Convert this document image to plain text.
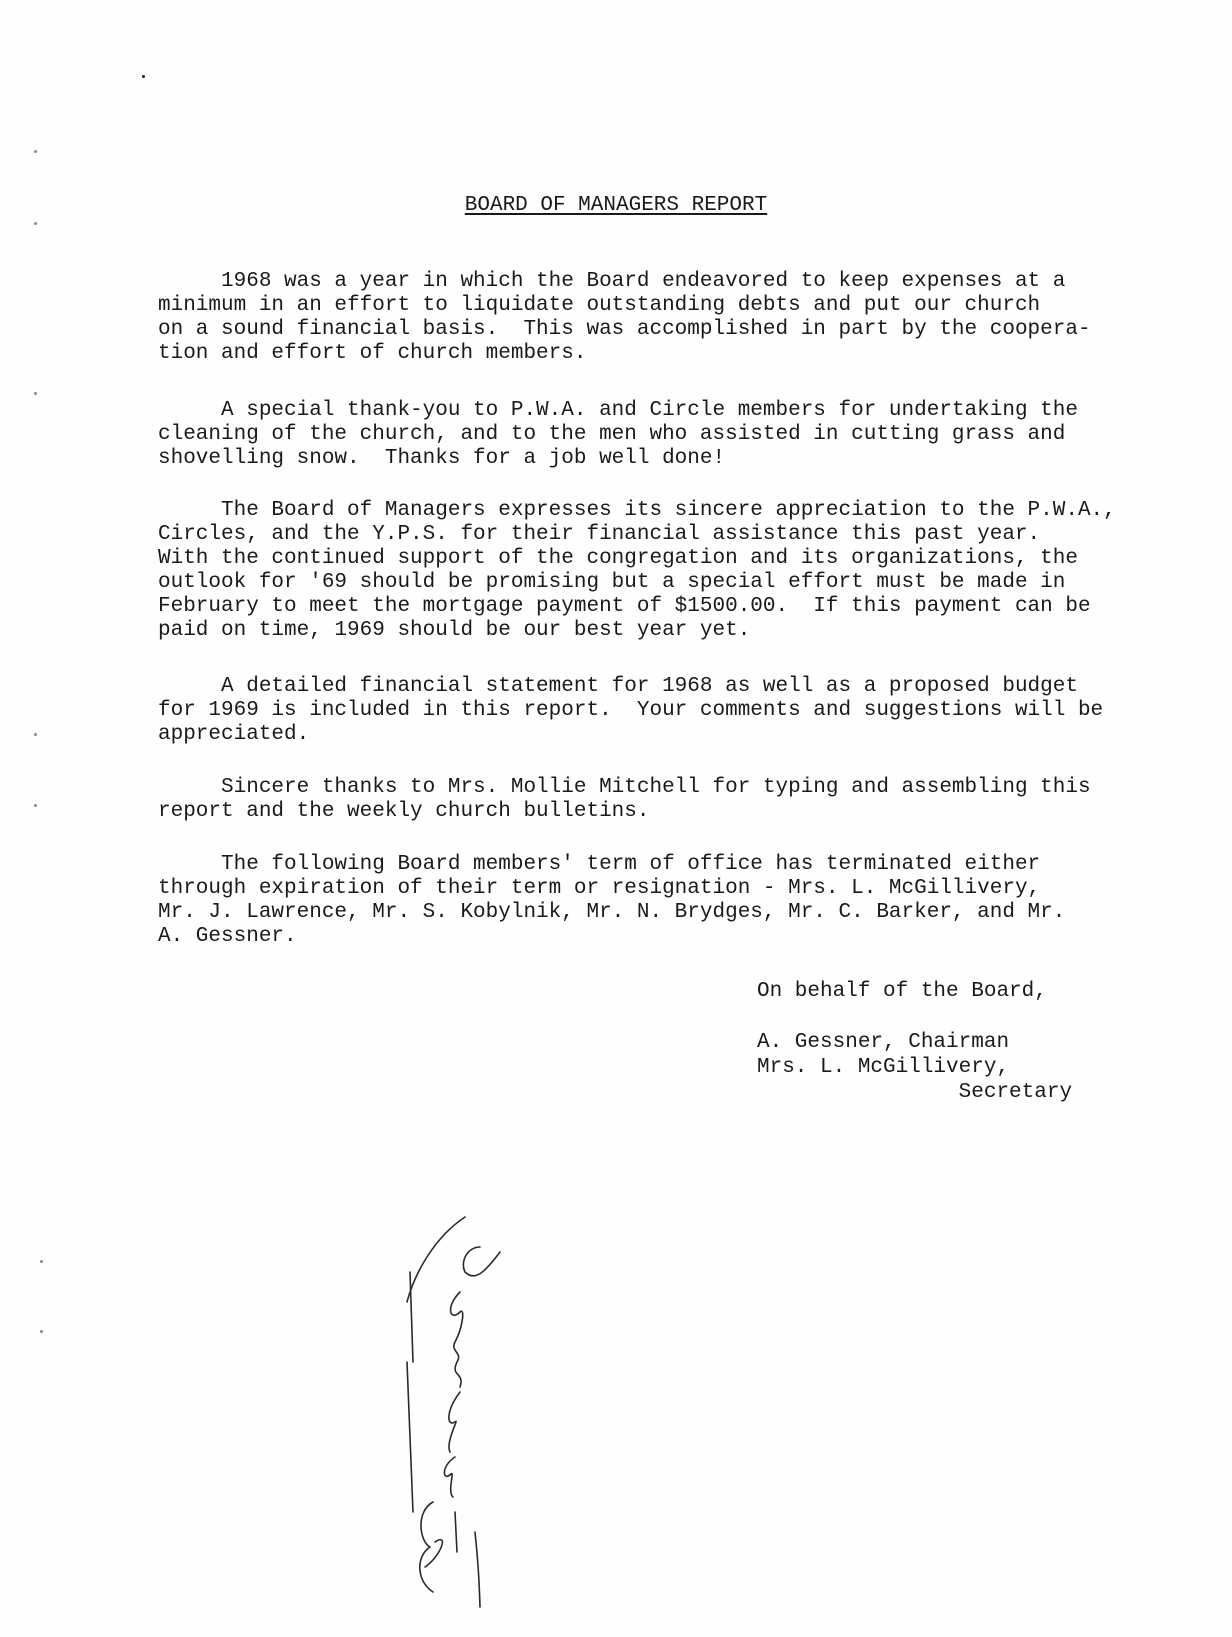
BOARD OF MANAGERS REPORT

1968 was a year in which the Board endeavored to keep expenses at a
minimum in an effort to liquidate outstanding debts and put our church
on a sound financial basis.  This was accomplished in part by the coopera-
tion and effort of church members.

A special thank-you to P.W.A. and Circle members for undertaking the
cleaning of the church, and to the men who assisted in cutting grass and
shovelling snow.  Thanks for a job well done!

The Board of Managers expresses its sincere appreciation to the P.W.A.,
Circles, and the Y.P.S. for their financial assistance this past year.
With the continued support of the congregation and its organizations, the
outlook for '69 should be promising but a special effort must be made in
February to meet the mortgage payment of $1500.00.  If this payment can be
paid on time, 1969 should be our best year yet.

A detailed financial statement for 1968 as well as a proposed budget
for 1969 is included in this report.  Your comments and suggestions will be
appreciated.

Sincere thanks to Mrs. Mollie Mitchell for typing and assembling this
report and the weekly church bulletins.

The following Board members' term of office has terminated either
through expiration of their term or resignation - Mrs. L. McGillivery,
Mr. J. Lawrence, Mr. S. Kobylnik, Mr. N. Brydges, Mr. C. Barker, and Mr.
A. Gessner.

On behalf of the Board,

A. Gessner, Chairman
Mrs. L. McGillivery,
Secretary
